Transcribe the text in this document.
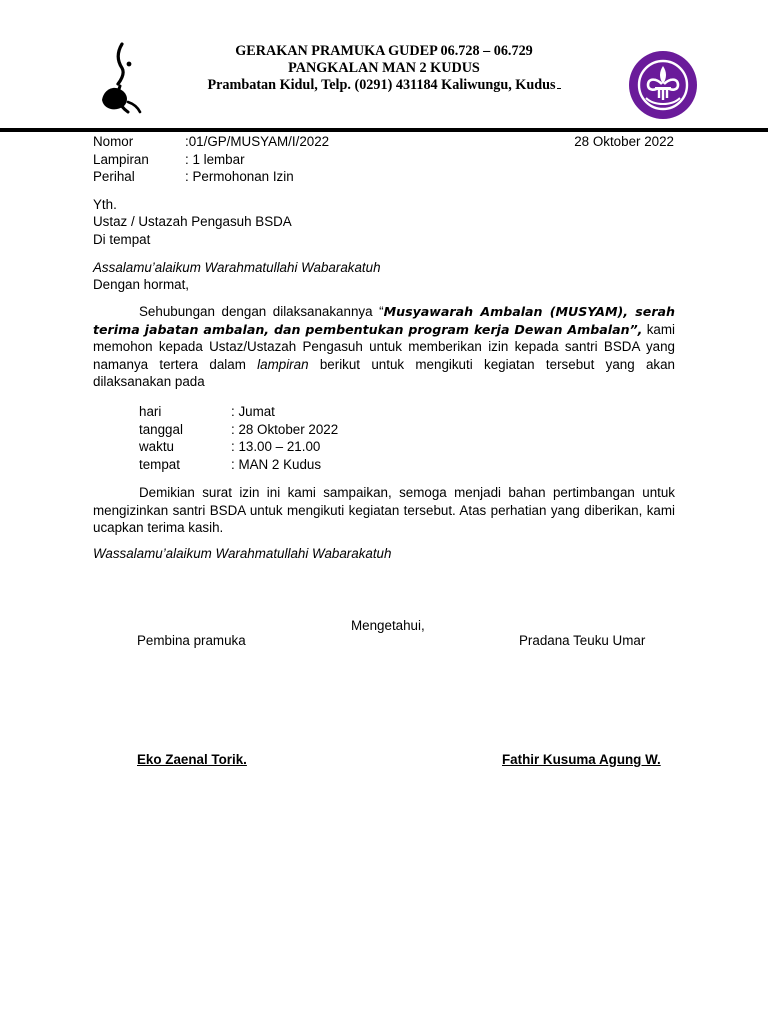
GERAKAN PRAMUKA GUDEP 06.728 – 06.729
PANGKALAN MAN 2 KUDUS
Prambatan Kidul, Telp. (0291) 431184 Kaliwungu, Kudus
Nomor	:01/GP/MUSYAM/I/2022	28 Oktober 2022
Lampiran	: 1 lembar
Perihal	: Permohonan Izin
Yth.
Ustaz / Ustazah Pengasuh BSDA
Di tempat
Assalamu’alaikum Warahmatullahi Wabarakatuh
Dengan hormat,
Sehubungan dengan dilaksanakannya “Musyawarah Ambalan (MUSYAM), serah terima jabatan ambalan, dan pembentukan program kerja Dewan Ambalan”, kami memohon kepada Ustaz/Ustazah Pengasuh untuk memberikan izin kepada santri BSDA yang namanya tertera dalam lampiran berikut untuk mengikuti kegiatan tersebut yang akan dilaksanakan pada
hari	: Jumat
tanggal	: 28 Oktober 2022
waktu	: 13.00 – 21.00
tempat	: MAN 2 Kudus
Demikian surat izin ini kami sampaikan, semoga menjadi bahan pertimbangan untuk mengizinkan santri BSDA untuk mengikuti kegiatan tersebut. Atas perhatian yang diberikan, kami ucapkan terima kasih.
Wassalamu’alaikum Warahmatullahi Wabarakatuh
Mengetahui,
Pembina pramuka	Pradana Teuku Umar
Eko Zaenal Torik.	Fathir Kusuma Agung W.
